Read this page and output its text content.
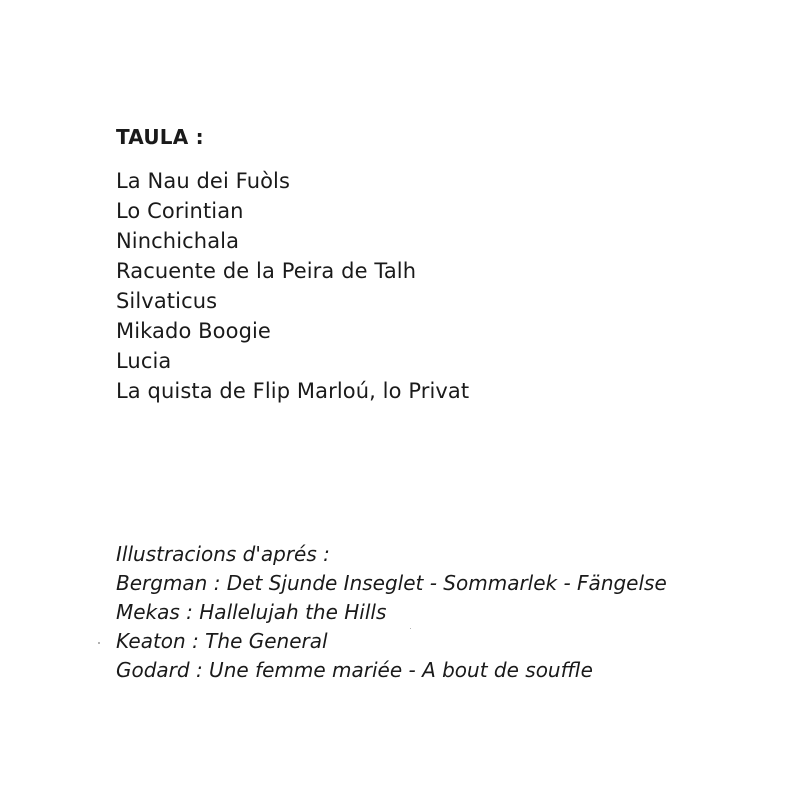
TAULA :
La Nau dei Fuòls
Lo Corintian
Ninchichala
Racuente de la Peira de Talh
Silvaticus
Mikado Boogie
Lucia
La quista de Flip Marloú, lo Privat
Illustracions d'aprés :
Bergman : Det Sjunde Inseglet - Sommarlek - Fängelse
Mekas : Hallelujah the Hills
Keaton : The General
Godard : Une femme mariée - A bout de souffle
